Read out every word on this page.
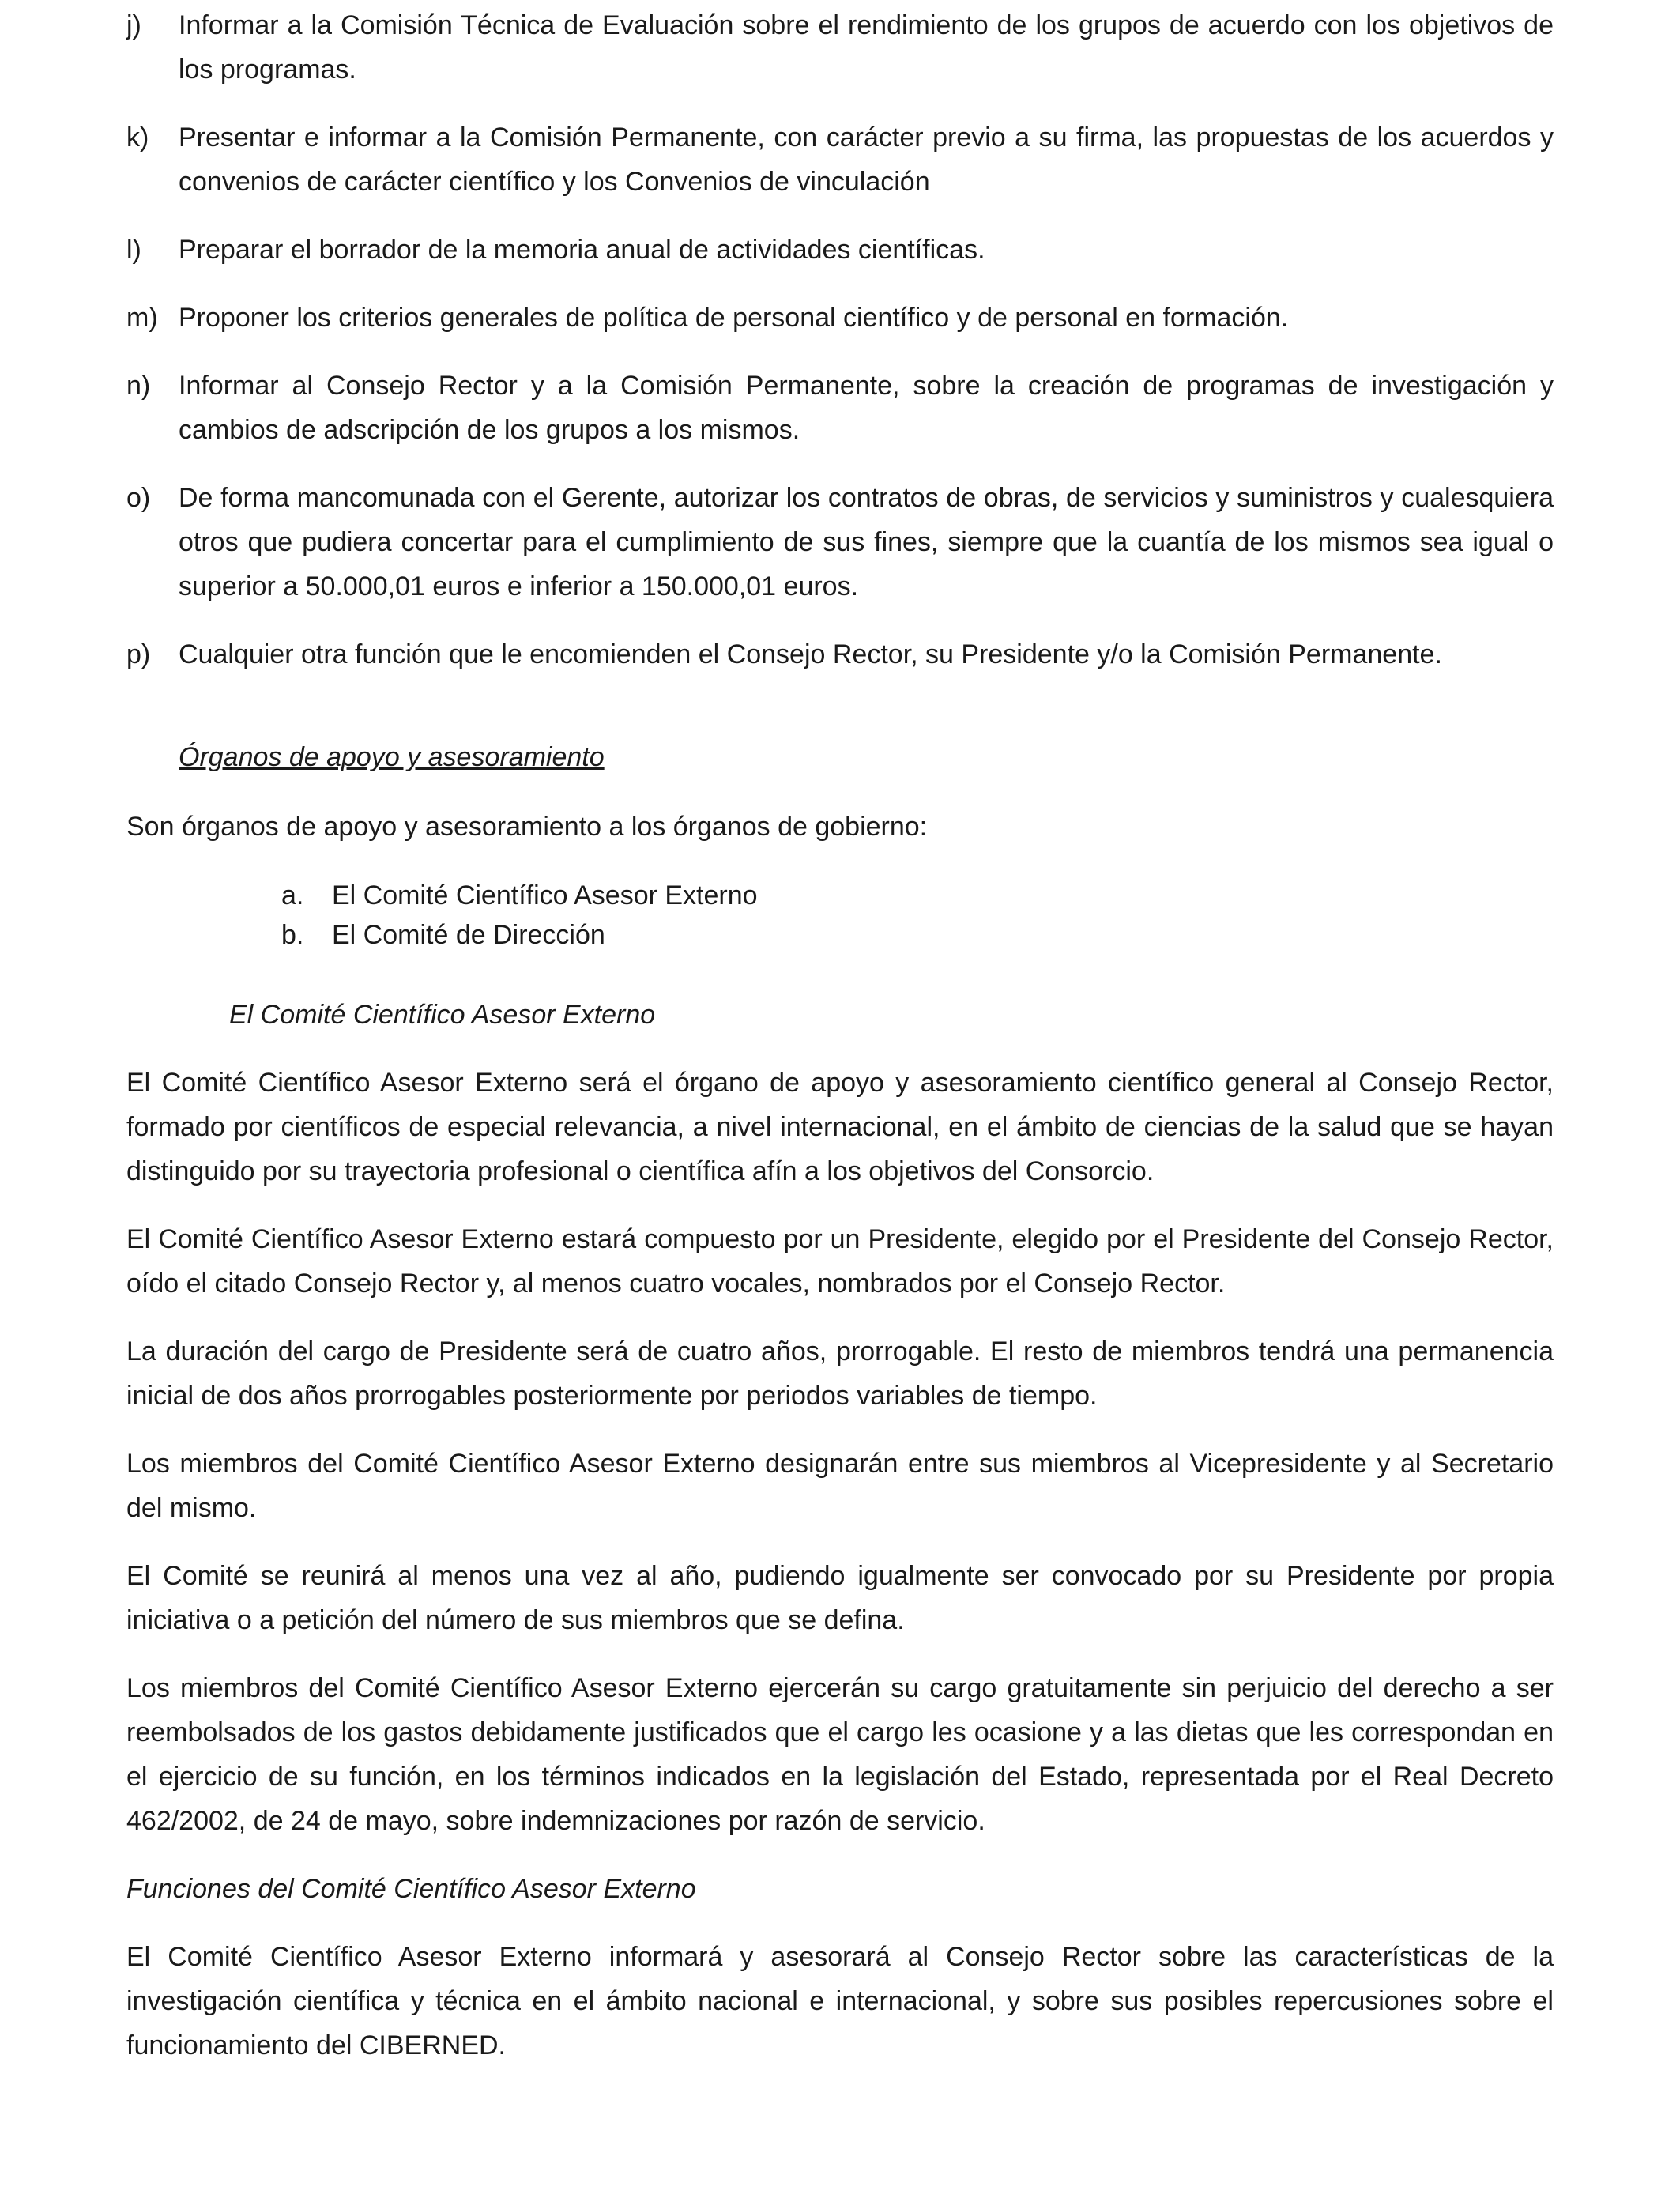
j)	Informar a la Comisión Técnica de Evaluación sobre el rendimiento de los grupos de acuerdo con los objetivos de los programas.
k)	Presentar e informar a la Comisión Permanente, con carácter previo a su firma, las propuestas de los acuerdos y convenios de carácter científico y los Convenios de vinculación
l)	Preparar el borrador de la memoria anual de actividades científicas.
m) Proponer los criterios generales de política de personal científico y de personal en formación.
n)	Informar al Consejo Rector y a la Comisión Permanente, sobre la creación de programas de investigación y cambios de adscripción de los grupos a los mismos.
o)	De forma mancomunada con el Gerente, autorizar los contratos de obras, de servicios y suministros y cualesquiera otros que pudiera concertar para el cumplimiento de sus fines, siempre que la cuantía de los mismos sea igual o superior a 50.000,01 euros e inferior a 150.000,01 euros.
p)	Cualquier otra función que le encomienden el Consejo Rector, su Presidente y/o la Comisión Permanente.
Órganos de apoyo y asesoramiento
Son órganos de apoyo y asesoramiento a los órganos de gobierno:
a.	El Comité Científico Asesor Externo
b.	El Comité de Dirección
El Comité Científico Asesor Externo
El Comité Científico Asesor Externo será el órgano de apoyo y asesoramiento científico general al Consejo Rector, formado por científicos de especial relevancia, a nivel internacional, en el ámbito de ciencias de la salud que se hayan distinguido por su trayectoria profesional o científica afín a los objetivos del Consorcio.
El Comité Científico Asesor Externo estará compuesto por un Presidente, elegido por el Presidente del Consejo Rector, oído el citado Consejo Rector y, al menos cuatro vocales, nombrados por el Consejo Rector.
La duración del cargo de Presidente será de cuatro años, prorrogable. El resto de miembros tendrá una permanencia inicial de dos años prorrogables posteriormente por periodos variables de tiempo.
Los miembros del Comité Científico Asesor Externo designarán entre sus miembros al Vicepresidente y al Secretario del mismo.
El Comité se reunirá al menos una vez al año, pudiendo igualmente ser convocado por su Presidente por propia iniciativa o a petición del número de sus miembros que se defina.
Los miembros del Comité Científico Asesor Externo ejercerán su cargo gratuitamente sin perjuicio del derecho a ser reembolsados de los gastos debidamente justificados que el cargo les ocasione y a las dietas que les correspondan en el ejercicio de su función, en los términos indicados en la legislación del Estado, representada por el Real Decreto 462/2002, de 24 de mayo, sobre indemnizaciones por razón de servicio.
Funciones del Comité Científico Asesor Externo
El Comité Científico Asesor Externo informará y asesorará al Consejo Rector sobre las características de la investigación científica y técnica en el ámbito nacional e internacional, y sobre sus posibles repercusiones sobre el funcionamiento del CIBERNED.
